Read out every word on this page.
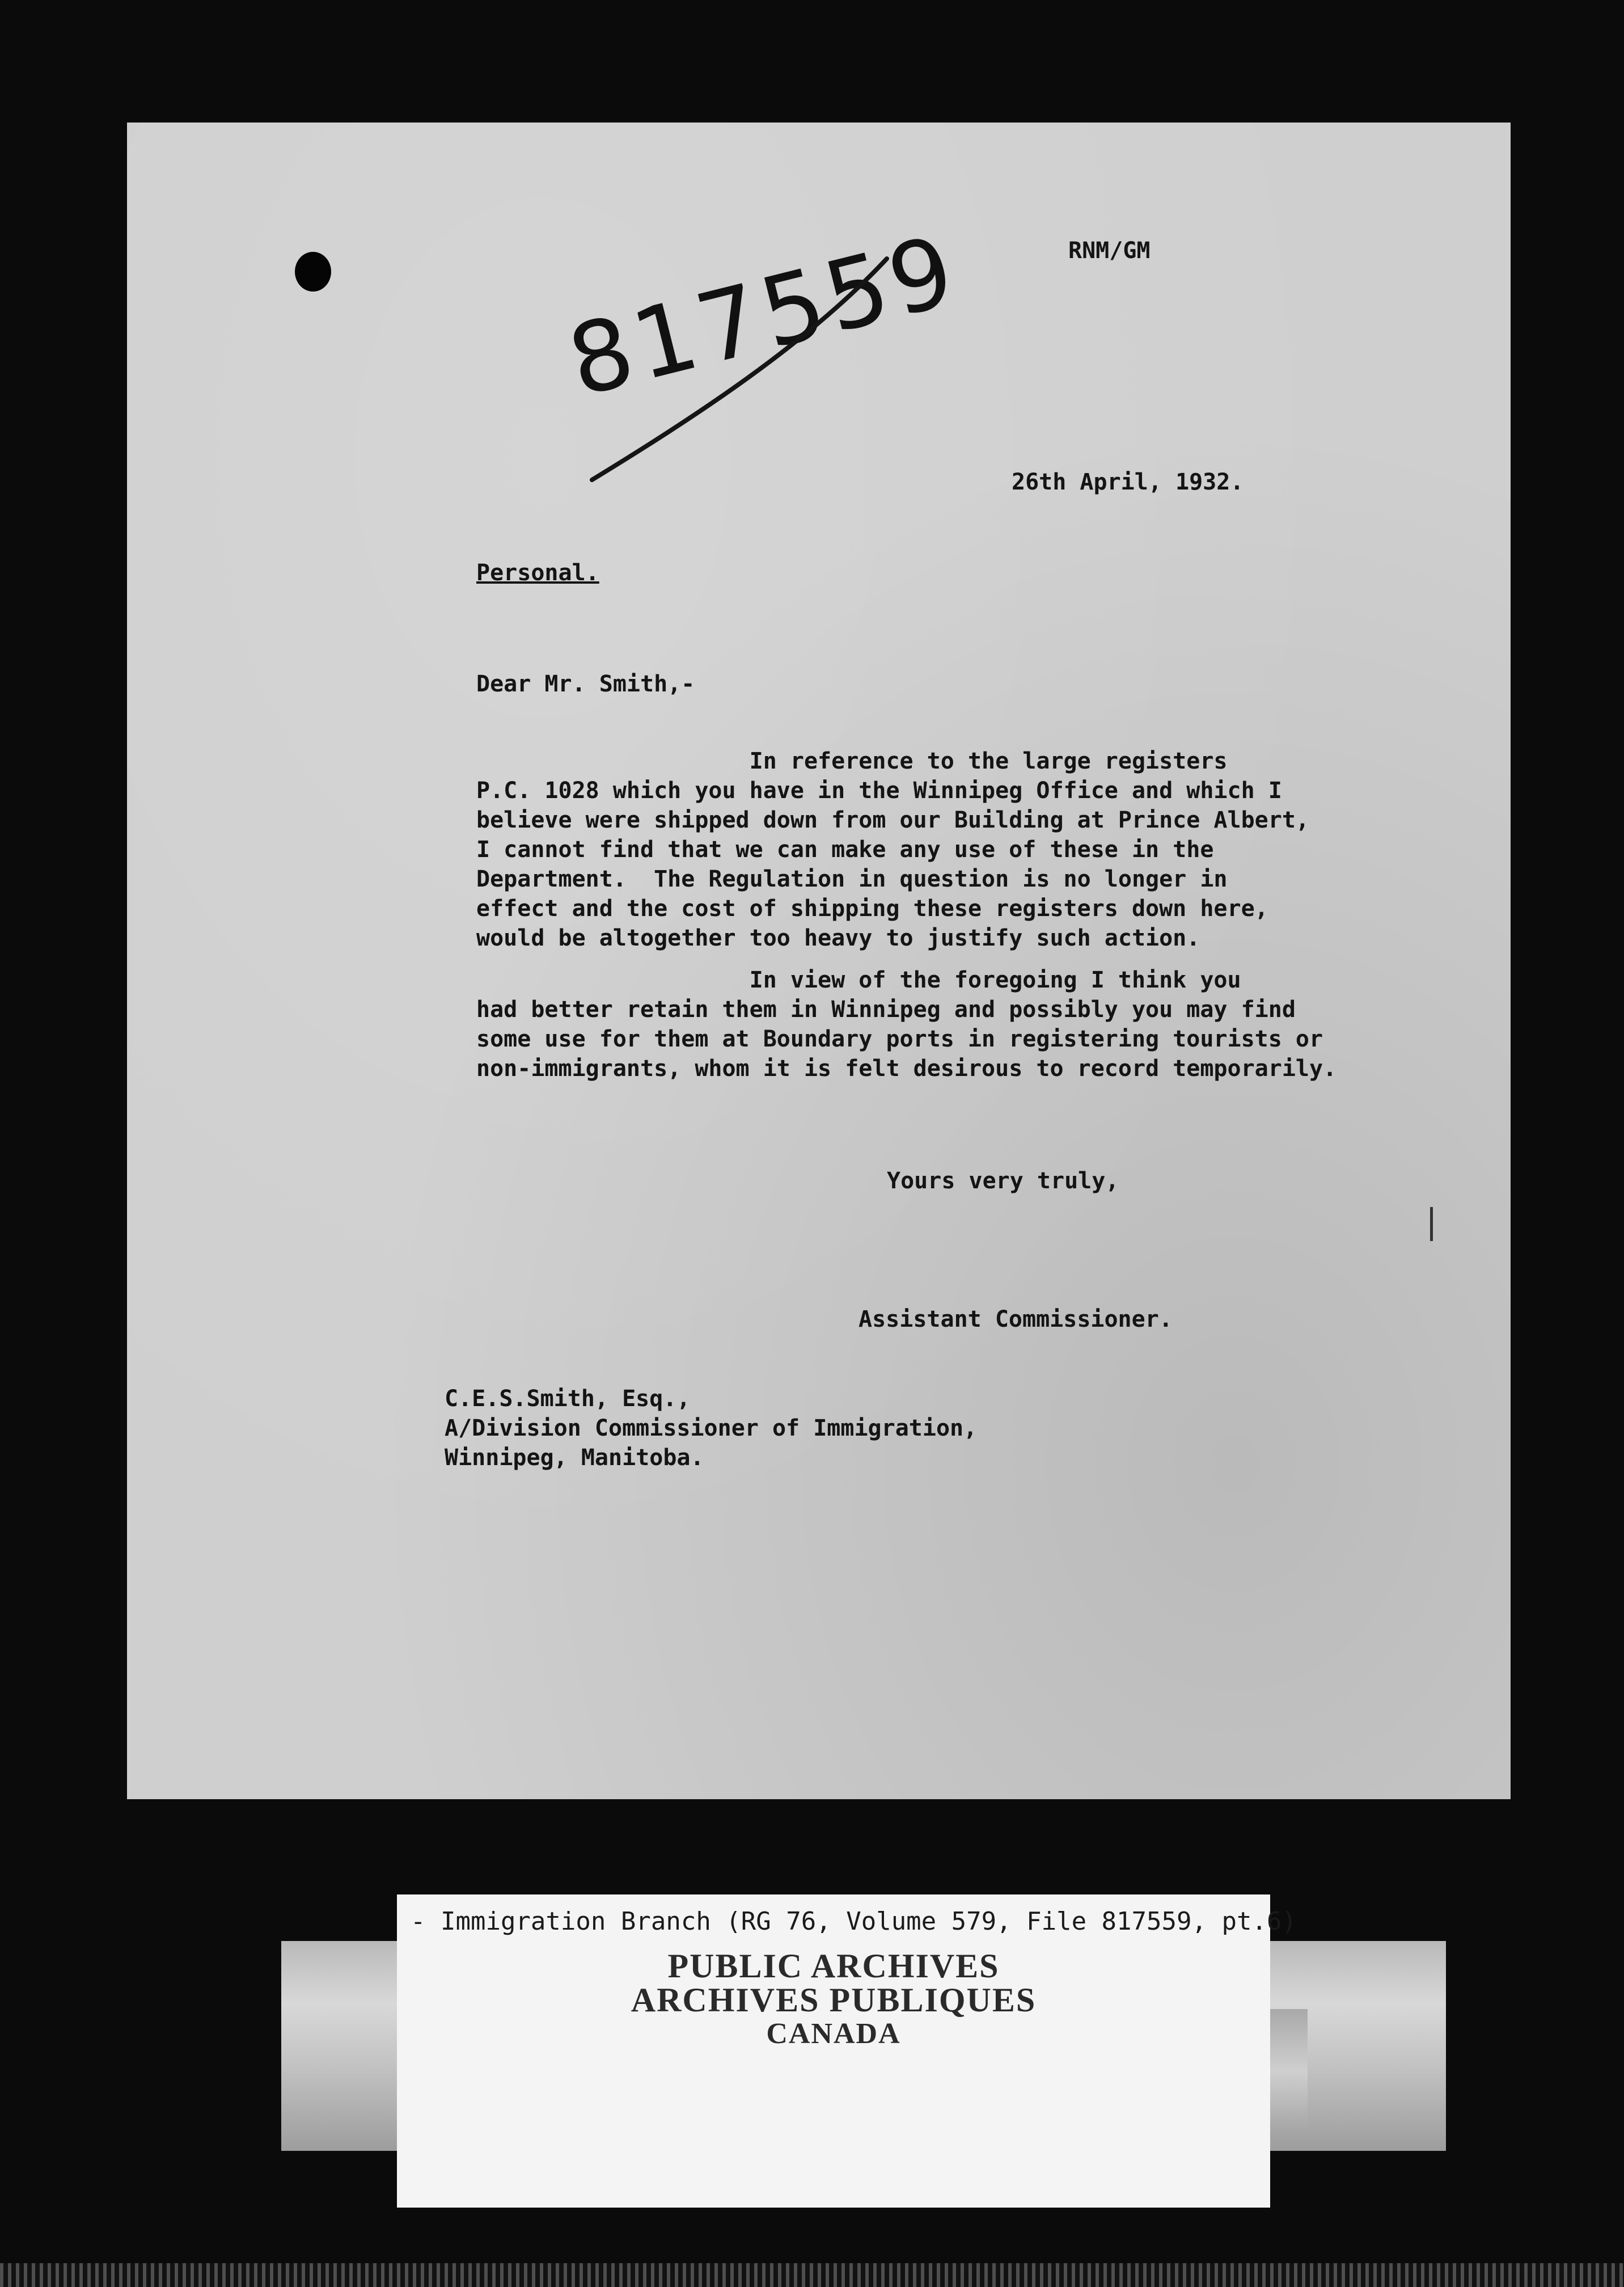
817559	RNM/GM
26th April, 1932.
Personal.
Dear Mr. Smith,-
In reference to the large registers
P.C. 1028 which you have in the Winnipeg Office and which I
believe were shipped down from our Building at Prince Albert,
I cannot find that we can make any use of these in the
Department.  The Regulation in question is no longer in
effect and the cost of shipping these registers down here,
would be altogether too heavy to justify such action.
In view of the foregoing I think you
had better retain them in Winnipeg and possibly you may find
some use for them at Boundary ports in registering tourists or
non-immigrants, whom it is felt desirous to record temporarily.
Yours very truly,
Assistant Commissioner.
C.E.S.Smith, Esq.,
A/Division Commissioner of Immigration,
Winnipeg, Manitoba.
- Immigration Branch (RG 76, Volume 579, File 817559, pt.6)
PUBLIC ARCHIVES
ARCHIVES PUBLIQUES
CANADA
